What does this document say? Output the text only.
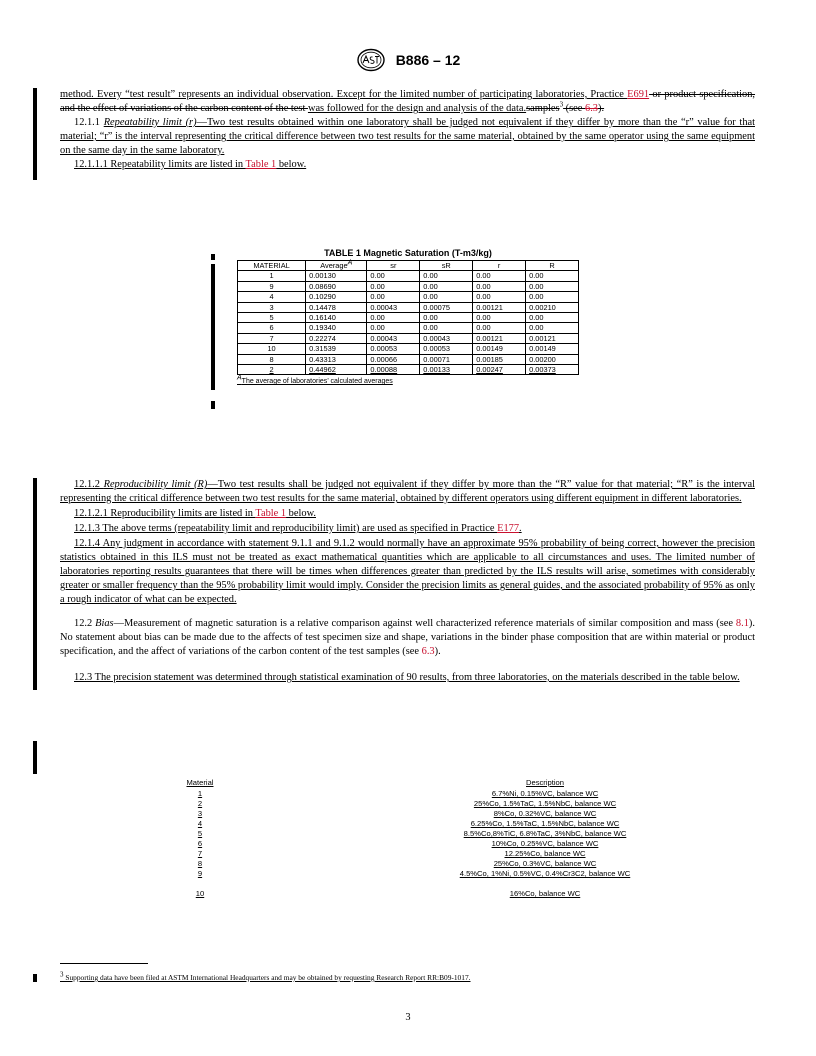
B886 – 12

method. Every “test result” represents an individual observation. Except for the limited number of participating laboratories, Practice E691 or product specification, and the effect of variations of the carbon content of the test was followed for the design and analysis of the data.samples$^3$ (see 6.3).

12.1.1 Repeatability limit (r)—Two test results obtained within one laboratory shall be judged not equivalent if they differ by more than the “r” value for that material; “r” is the interval representing the critical difference between two test results for the same material, obtained by the same operator using the same equipment on the same day in the same laboratory.

12.1.1.1 Repeatability limits are listed in Table 1 below.

TABLE 1 Magnetic Saturation (T-m3/kg)
MATERIAL	AverageA	sr	sR	r	R
1	0.00130	0.00	0.00	0.00	0.00
9	0.08690	0.00	0.00	0.00	0.00
4	0.10290	0.00	0.00	0.00	0.00
3	0.14478	0.00043	0.00075	0.00121	0.00210
5	0.16140	0.00	0.00	0.00	0.00
6	0.19340	0.00	0.00	0.00	0.00
7	0.22274	0.00043	0.00043	0.00121	0.00121
10	0.31539	0.00053	0.00053	0.00149	0.00149
8	0.43313	0.00066	0.00071	0.00185	0.00200
2	0.44962	0.00088	0.00133	0.00247	0.00373
AThe average of laboratories’ calculated averages

12.1.2 Reproducibility limit (R)—Two test results shall be judged not equivalent if they differ by more than the “R” value for that material; “R” is the interval representing the critical difference between two test results for the same material, obtained by different operators using different equipment in different laboratories.

12.1.2.1 Reproducibility limits are listed in Table 1 below.

12.1.3 The above terms (repeatability limit and reproducibility limit) are used as specified in Practice E177.

12.1.4 Any judgment in accordance with statement 9.1.1 and 9.1.2 would normally have an approximate 95% probability of being correct, however the precision statistics obtained in this ILS must not be treated as exact mathematical quantities which are applicable to all circumstances and uses. The limited number of laboratories reporting results guarantees that there will be times when differences greater than predicted by the ILS results will arise, sometimes with considerably greater or smaller frequency than the 95% probability limit would imply. Consider the precision limits as general guides, and the associated probability of 95% as only a rough indicator of what can be expected.

12.2 Bias—Measurement of magnetic saturation is a relative comparison against well characterized reference materials of similar composition and mass (see 8.1). No statement about bias can be made due to the affects of test specimen size and shape, variations in the binder phase composition that are within material or product specification, and the affect of variations of the carbon content of the test samples (see 6.3).

12.3 The precision statement was determined through statistical examination of 90 results, from three laboratories, on the materials described in the table below.

Material	Description
1	6.7%Ni, 0.15%VC, balance WC
2	25%Co, 1.5%TaC, 1.5%NbC, balance WC
3	8%Co, 0.32%VC, balance WC
4	6.25%Co, 1.5%TaC, 1.5%NbC, balance WC
5	8.5%Co,8%TiC, 6.8%TaC, 3%NbC, balance WC
6	10%Co, 0.25%VC, balance WC
7	12.25%Co, balance WC
8	25%Co, 0.3%VC, balance WC
9	4.5%Co, 1%Ni, 0.5%VC, 0.4%Cr3C2, balance WC
10	16%Co, balance WC
3 Supporting data have been filed at ASTM International Headquarters and may be obtained by requesting Research Report RR:B09-1017.
3
